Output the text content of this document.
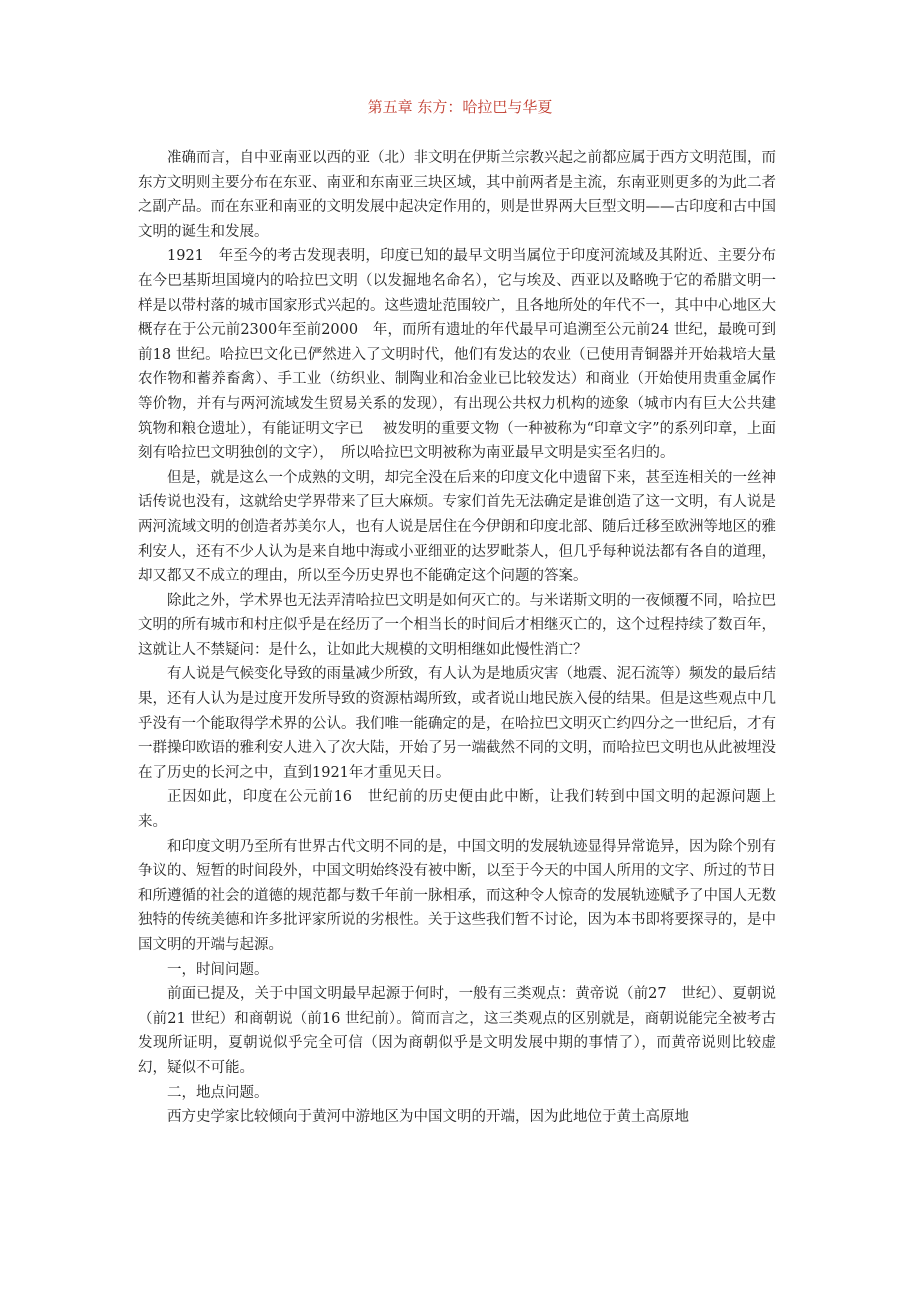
第五章 东方：哈拉巴与华夏

准确而言，自中亚南亚以西的亚（北）非文明在伊斯兰宗教兴起之前都应属于西方文明范围，而东方文明则主要分布在东亚、南亚和东南亚三块区域，其中前两者是主流，东南亚则更多的为此二者之副产品。而在东亚和南亚的文明发展中起决定作用的，则是世界两大巨型文明——古印度和古中国文明的诞生和发展。

1921　年至今的考古发现表明，印度已知的最早文明当属位于印度河流域及其附近、主要分布在今巴基斯坦国境内的哈拉巴文明（以发掘地名命名），它与埃及、西亚以及略晚于它的希腊文明一样是以带村落的城市国家形式兴起的。这些遗址范围较广，且各地所处的年代不一，其中中心地区大概存在于公元前2300年至前2000　年，而所有遗址的年代最早可追溯至公元前24 世纪，最晚可到前18 世纪。哈拉巴文化已俨然进入了文明时代，他们有发达的农业（已使用青铜器并开始栽培大量农作物和蓄养畜禽）、手工业（纺织业、制陶业和冶金业已比较发达）和商业（开始使用贵重金属作等价物，并有与两河流域发生贸易关系的发现），有出现公共权力机构的迹象（城市内有巨大公共建筑物和粮仓遗址），有能证明文字已　 被发明的重要文物（一种被称为“印章文字”的系列印章，上面刻有哈拉巴文明独创的文字），　所以哈拉巴文明被称为南亚最早文明是实至名归的。

但是，就是这么一个成熟的文明，却完全没在后来的印度文化中遗留下来，甚至连相关的一丝神话传说也没有，这就给史学界带来了巨大麻烦。专家们首先无法确定是谁创造了这一文明，有人说是两河流域文明的创造者苏美尔人，也有人说是居住在今伊朗和印度北部、随后迁移至欧洲等地区的雅利安人，还有不少人认为是来自地中海或小亚细亚的达罗毗荼人，但几乎每种说法都有各自的道理，却又都又不成立的理由，所以至今历史界也不能确定这个问题的答案。

除此之外，学术界也无法弄清哈拉巴文明是如何灭亡的。与米诺斯文明的一夜倾覆不同，哈拉巴文明的所有城市和村庄似乎是在经历了一个相当长的时间后才相继灭亡的，这个过程持续了数百年，这就让人不禁疑问：是什么，让如此大规模的文明相继如此慢性消亡？

有人说是气候变化导致的雨量减少所致，有人认为是地质灾害（地震、泥石流等）频发的最后结果，还有人认为是过度开发所导致的资源枯竭所致，或者说山地民族入侵的结果。但是这些观点中几乎没有一个能取得学术界的公认。我们唯一能确定的是，在哈拉巴文明灭亡约四分之一世纪后，才有一群操印欧语的雅利安人进入了次大陆，开始了另一端截然不同的文明，而哈拉巴文明也从此被埋没在了历史的长河之中，直到1921年才重见天日。

正因如此，印度在公元前16　世纪前的历史便由此中断，让我们转到中国文明的起源问题上来。

和印度文明乃至所有世界古代文明不同的是，中国文明的发展轨迹显得异常诡异，因为除个别有争议的、短暂的时间段外，中国文明始终没有被中断，以至于今天的中国人所用的文字、所过的节日和所遵循的社会的道德的规范都与数千年前一脉相承，而这种令人惊奇的发展轨迹赋予了中国人无数独特的传统美德和许多批评家所说的劣根性。关于这些我们暂不讨论，因为本书即将要探寻的，是中国文明的开端与起源。

一，时间问题。

前面已提及，关于中国文明最早起源于何时，一般有三类观点：黄帝说（前27　世纪）、夏朝说（前21 世纪）和商朝说（前16 世纪前）。简而言之，这三类观点的区别就是，商朝说能完全被考古发现所证明，夏朝说似乎完全可信（因为商朝似乎是文明发展中期的事情了），而黄帝说则比较虚幻，疑似不可能。

二，地点问题。

西方史学家比较倾向于黄河中游地区为中国文明的开端，因为此地位于黄土高原地
